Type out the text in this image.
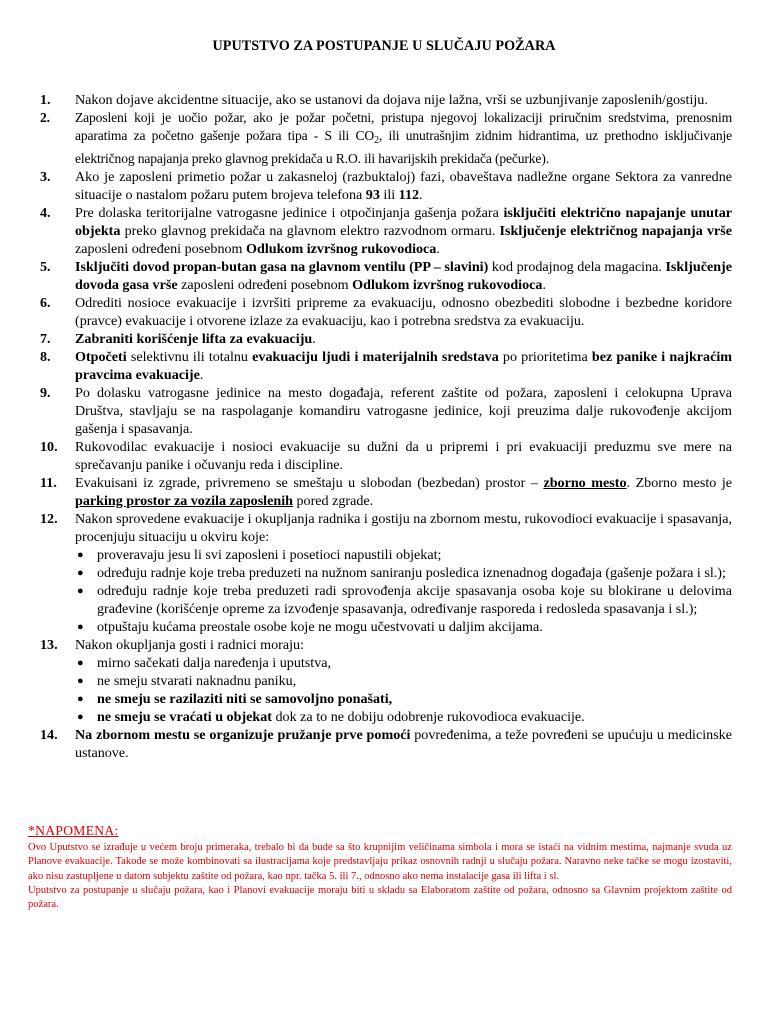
UPUTSTVO ZA POSTUPANJE U SLUČAJU POŽARA
1.	Nakon dojave akcidentne situacije, ako se ustanovi da dojava nije lažna, vrši se uzbunjivanje zaposlenih/gostiju.
2.	Zaposleni koji je uočio požar, ako je požar početni, pristupa njegovoj lokalizaciji priručnim sredstvima, prenosnim aparatima za početno gašenje požara tipa - S ili $CO_2$, ili unutrašnjim zidnim hidrantima, uz prethodno isključivanje električnog napajanja preko glavnog prekidača u R.O. ili havarijskih prekidača (pečurke).
3.	Ako je zaposleni primetio požar u zakasneloj (razbuktaloj) fazi, obaveštava nadležne organe Sektora za vanredne situacije o nastalom požaru putem brojeva telefona 93 ili 112.
4.	Pre dolaska teritorijalne vatrogasne jedinice i otpočinjanja gašenja požara isključiti električno napajanje unutar objekta preko glavnog prekidača na glavnom elektro razvodnom ormaru. Isključenje električnog napajanja vrše zaposleni određeni posebnom Odlukom izvršnog rukovodioca.
5.	Isključiti dovod propan-butan gasa na glavnom ventilu (PP – slavini) kod prodajnog dela magacina. Isključenje dovoda gasa vrše zaposleni određeni posebnom Odlukom izvršnog rukovodioca.
6.	Odrediti nosioce evakuacije i izvršiti pripreme za evakuaciju, odnosno obezbediti slobodne i bezbedne koridore (pravce) evakuacije i otvorene izlaze za evakuaciju, kao i potrebna sredstva za evakuaciju.
7.	Zabraniti korišćenje lifta za evakuaciju.
8.	Otpočeti selektivnu ili totalnu evakuaciju ljudi i materijalnih sredstava po prioritetima bez panike i najkraćim pravcima evakuacije.
9.	Po dolasku vatrogasne jedinice na mesto događaja, referent zaštite od požara, zaposleni i celokupna Uprava Društva, stavljaju se na raspolaganje komandiru vatrogasne jedinice, koji preuzima dalje rukovođenje akcijom gašenja i spasavanja.
10.	Rukovodilac evakuacije i nosioci evakuacije su dužni da u pripremi i pri evakuaciji preduzmu sve mere na sprečavanju panike i očuvanju reda i discipline.
11.	Evakuisani iz zgrade, privremeno se smeštaju u slobodan (bezbedan) prostor – zborno mesto. Zborno mesto je parking prostor za vozila zaposlenih pored zgrade.
12.	Nakon sprovedene evakuacije i okupljanja radnika i gostiju na zbornom mestu, rukovodioci evakuacije i spasavanja, procenjuju situaciju u okviru koje:
● proveravaju jesu li svi zaposleni i posetioci napustili objekat;
● određuju radnje koje treba preduzeti na nužnom saniranju posledica iznenadnog događaja (gašenje požara i sl.);
● određuju radnje koje treba preduzeti radi sprovođenja akcije spasavanja osoba koje su blokirane u delovima građevine (korišćenje opreme za izvođenje spasavanja, određivanje rasporeda i redosleda spasavanja i sl.);
● otpuštaju kućama preostale osobe koje ne mogu učestvovati u daljim akcijama.
13.	Nakon okupljanja gosti i radnici moraju:
● mirno sačekati dalja naređenja i uputstva,
● ne smeju stvarati naknadnu paniku,
● ne smeju se razilaziti niti se samovoljno ponašati,
● ne smeju se vraćati u objekat dok za to ne dobiju odobrenje rukovodioca evakuacije.
14.	Na zbornom mestu se organizuje pružanje prve pomoći povređenima, a teže povređeni se upućuju u medicinske ustanove.
*NAPOMENA:

Ovo Uputstvo se izrađuje u većem broju primeraka, trebalo bi da bude sa što krupnijim veličinama simbola i mora se istaći na vidnim mestima, najmanje svuda uz Planove evakuacije. Takođe se može kombinovati sa ilustracijama koje predstavljaju prikaz osnovnih radnji u slučaju požara. Naravno neke tačke se mogu izostaviti, ako nisu zastupljene u datom subjektu zaštite od požara, kao npr. tačka 5. ili 7., odnosno ako nema instalacije gasa ili lifta i sl.

Uputstvo za postupanje u slučaju požara, kao i Planovi evakuacije moraju biti u skladu sa Elaboratom zaštite od požara, odnosno sa Glavnim projektom zaštite od požara.
